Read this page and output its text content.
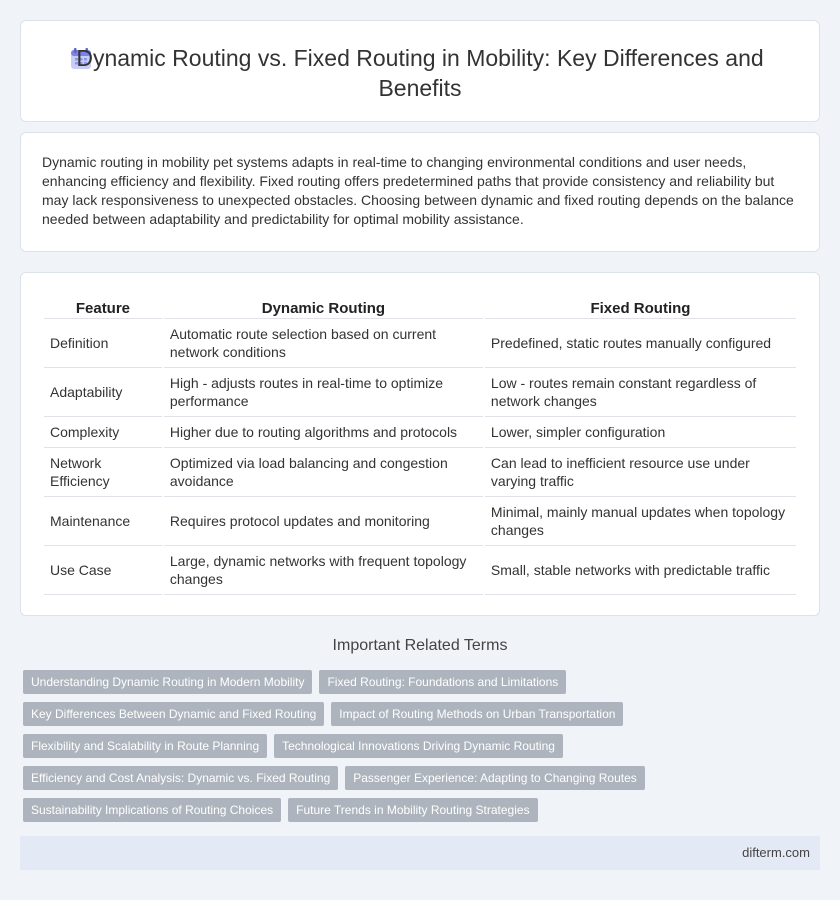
Dynamic Routing vs. Fixed Routing in Mobility: Key Differences and Benefits

Dynamic routing in mobility pet systems adapts in real-time to changing environmental conditions and user needs, enhancing efficiency and flexibility. Fixed routing offers predetermined paths that provide consistency and reliability but may lack responsiveness to unexpected obstacles. Choosing between dynamic and fixed routing depends on the balance needed between adaptability and predictability for optimal mobility assistance.

Feature	Dynamic Routing	Fixed Routing
Definition	Automatic route selection based on current network conditions	Predefined, static routes manually configured
Adaptability	High - adjusts routes in real-time to optimize performance	Low - routes remain constant regardless of network changes
Complexity	Higher due to routing algorithms and protocols	Lower, simpler configuration
Network Efficiency	Optimized via load balancing and congestion avoidance	Can lead to inefficient resource use under varying traffic
Maintenance	Requires protocol updates and monitoring	Minimal, mainly manual updates when topology changes
Use Case	Large, dynamic networks with frequent topology changes	Small, stable networks with predictable traffic
Important Related Terms
Understanding Dynamic Routing in Modern Mobility	Fixed Routing: Foundations and Limitations
Key Differences Between Dynamic and Fixed Routing	Impact of Routing Methods on Urban Transportation
Flexibility and Scalability in Route Planning	Technological Innovations Driving Dynamic Routing
Efficiency and Cost Analysis: Dynamic vs. Fixed Routing	Passenger Experience: Adapting to Changing Routes
Sustainability Implications of Routing Choices	Future Trends in Mobility Routing Strategies
difterm.com
